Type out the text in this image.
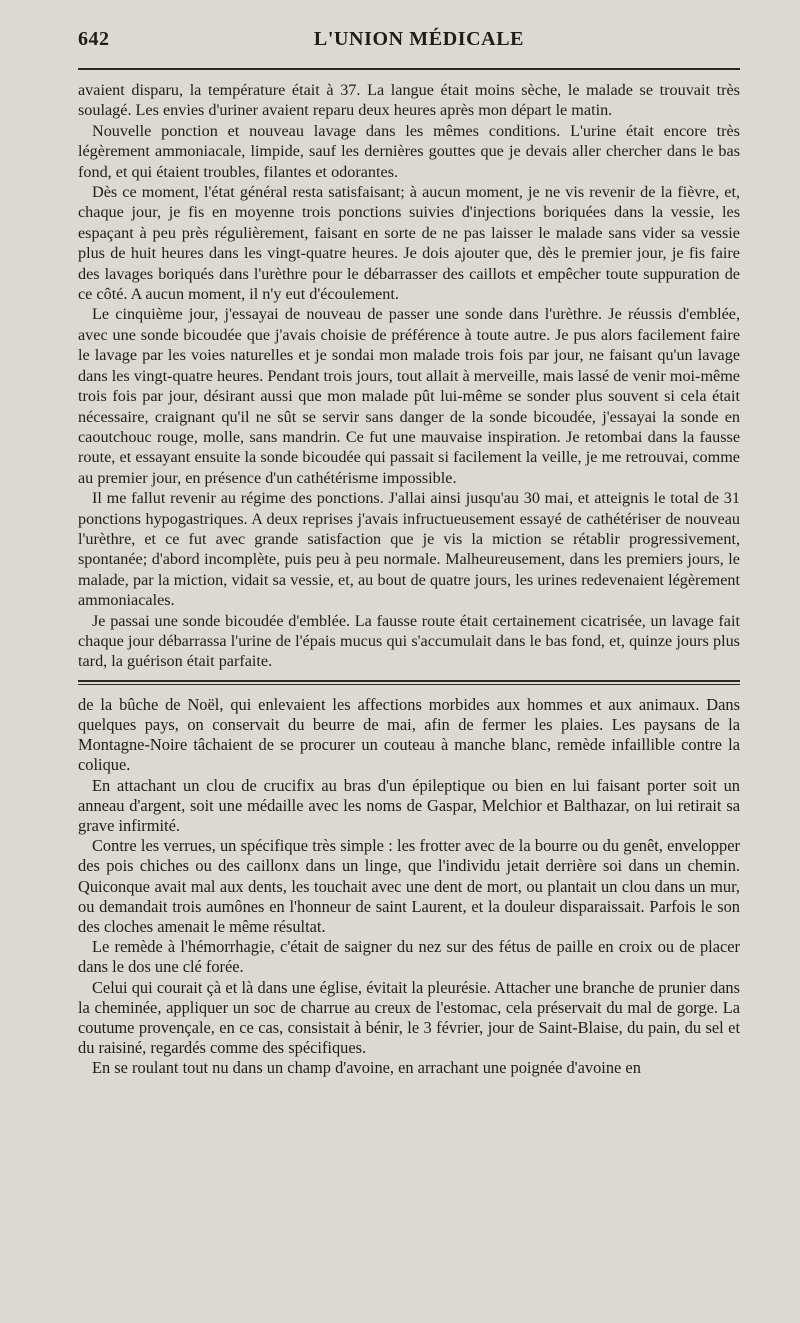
642	L'UNION MÉDICALE

avaient disparu, la température était à 37. La langue était moins sèche, le malade se trouvait très soulagé. Les envies d'uriner avaient reparu deux heures après mon départ le matin.

Nouvelle ponction et nouveau lavage dans les mêmes conditions. L'urine était encore très légèrement ammoniacale, limpide, sauf les dernières gouttes que je devais aller chercher dans le bas fond, et qui étaient troubles, filantes et odorantes.

Dès ce moment, l'état général resta satisfaisant; à aucun moment, je ne vis revenir de la fièvre, et, chaque jour, je fis en moyenne trois ponctions suivies d'injections boriquées dans la vessie, les espaçant à peu près régulièrement, faisant en sorte de ne pas laisser le malade sans vider sa vessie plus de huit heures dans les vingt-quatre heures. Je dois ajouter que, dès le premier jour, je fis faire des lavages boriqués dans l'urèthre pour le débarrasser des caillots et empêcher toute suppuration de ce côté. A aucun moment, il n'y eut d'écoulement.

Le cinquième jour, j'essayai de nouveau de passer une sonde dans l'urèthre. Je réussis d'emblée, avec une sonde bicoudée que j'avais choisie de préférence à toute autre. Je pus alors facilement faire le lavage par les voies naturelles et je sondai mon malade trois fois par jour, ne faisant qu'un lavage dans les vingt-quatre heures. Pendant trois jours, tout allait à merveille, mais lassé de venir moi-même trois fois par jour, désirant aussi que mon malade pût lui-même se sonder plus souvent si cela était nécessaire, craignant qu'il ne sût se servir sans danger de la sonde bicoudée, j'essayai la sonde en caoutchouc rouge, molle, sans mandrin. Ce fut une mauvaise inspiration. Je retombai dans la fausse route, et essayant ensuite la sonde bicoudée qui passait si facilement la veille, je me retrouvai, comme au premier jour, en présence d'un cathétérisme impossible.

Il me fallut revenir au régime des ponctions. J'allai ainsi jusqu'au 30 mai, et atteignis le total de 31 ponctions hypogastriques. A deux reprises j'avais infructueusement essayé de cathétériser de nouveau l'urèthre, et ce fut avec grande satisfaction que je vis la miction se rétablir progressivement, spontanée; d'abord incomplète, puis peu à peu normale. Malheureusement, dans les premiers jours, le malade, par la miction, vidait sa vessie, et, au bout de quatre jours, les urines redevenaient légèrement ammoniacales.

Je passai une sonde bicoudée d'emblée. La fausse route était certainement cicatrisée, un lavage fait chaque jour débarrassa l'urine de l'épais mucus qui s'accumulait dans le bas fond, et, quinze jours plus tard, la guérison était parfaite.

de la bûche de Noël, qui enlevaient les affections morbides aux hommes et aux animaux. Dans quelques pays, on conservait du beurre de mai, afin de fermer les plaies. Les paysans de la Montagne-Noire tâchaient de se procurer un couteau à manche blanc, remède infaillible contre la colique.

En attachant un clou de crucifix au bras d'un épileptique ou bien en lui faisant porter soit un anneau d'argent, soit une médaille avec les noms de Gaspar, Melchior et Balthazar, on lui retirait sa grave infirmité.

Contre les verrues, un spécifique très simple : les frotter avec de la bourre ou du genêt, envelopper des pois chiches ou des caillonx dans un linge, que l'individu jetait derrière soi dans un chemin. Quiconque avait mal aux dents, les touchait avec une dent de mort, ou plantait un clou dans un mur, ou demandait trois aumônes en l'honneur de saint Laurent, et la douleur disparaissait. Parfois le son des cloches amenait le même résultat.

Le remède à l'hémorrhagie, c'était de saigner du nez sur des fétus de paille en croix ou de placer dans le dos une clé forée.

Celui qui courait çà et là dans une église, évitait la pleurésie. Attacher une branche de prunier dans la cheminée, appliquer un soc de charrue au creux de l'estomac, cela préservait du mal de gorge. La coutume provençale, en ce cas, consistait à bénir, le 3 février, jour de Saint-Blaise, du pain, du sel et du raisiné, regardés comme des spécifiques.

En se roulant tout nu dans un champ d'avoine, en arrachant une poignée d'avoine en
